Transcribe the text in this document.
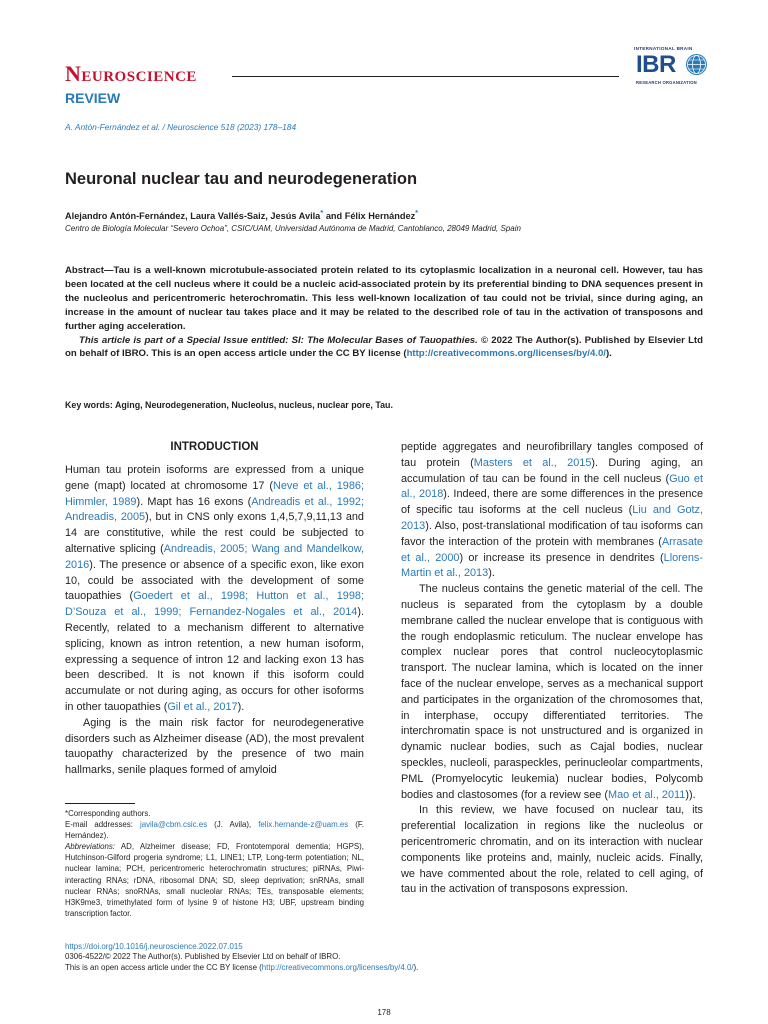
Neuroscience
INTERNATIONAL BRAIN
IBR
RESEARCH ORGANIZATION
REVIEW
A. Antón-Fernández et al. / Neuroscience 518 (2023) 178–184
Neuronal nuclear tau and neurodegeneration
Alejandro Antón-Fernández, Laura Vallés-Saiz, Jesús Avila* and Félix Hernández*
Centro de Biología Molecular “Severo Ochoa”, CSIC/UAM, Universidad Autónoma de Madrid, Cantoblanco, 28049 Madrid, Spain

Abstract—Tau is a well-known microtubule-associated protein related to its cytoplasmic localization in a neuronal cell. However, tau has been located at the cell nucleus where it could be a nucleic acid-associated protein by its preferential binding to DNA sequences present in the nucleolus and pericentromeric heterochromatin. This less well-known localization of tau could not be trivial, since during aging, an increase in the amount of nuclear tau takes place and it may be related to the described role of tau in the activation of transposons and further aging acceleration.

This article is part of a Special Issue entitled: SI: The Molecular Bases of Tauopathies. © 2022 The Author(s). Published by Elsevier Ltd on behalf of IBRO. This is an open access article under the CC BY license (http://creativecommons.org/licenses/by/4.0/).

Key words: Aging, Neurodegeneration, Nucleolus, nucleus, nuclear pore, Tau.
INTRODUCTION

Human tau protein isoforms are expressed from a unique gene (mapt) located at chromosome 17 (Neve et al., 1986; Himmler, 1989). Mapt has 16 exons (Andreadis et al., 1992; Andreadis, 2005), but in CNS only exons 1,4,5,7,9,11,13 and 14 are constitutive, while the rest could be subjected to alternative splicing (Andreadis, 2005; Wang and Mandelkow, 2016). The presence or absence of a specific exon, like exon 10, could be associated with the development of some tauopathies (Goedert et al., 1998; Hutton et al., 1998; D’Souza et al., 1999; Fernandez-Nogales et al., 2014). Recently, related to a mechanism different to alternative splicing, known as intron retention, a new human isoform, expressing a sequence of intron 12 and lacking exon 13 has been described. It is not known if this isoform could accumulate or not during aging, as occurs for other isoforms in other tauopathies (Gil et al., 2017).

Aging is the main risk factor for neurodegenerative disorders such as Alzheimer disease (AD), the most prevalent tauopathy characterized by the presence of two main hallmarks, senile plaques formed of amyloid

peptide aggregates and neurofibrillary tangles composed of tau protein (Masters et al., 2015). During aging, an accumulation of tau can be found in the cell nucleus (Guo et al., 2018). Indeed, there are some differences in the presence of specific tau isoforms at the cell nucleus (Liu and Gotz, 2013). Also, post-translational modification of tau isoforms can favor the interaction of the protein with membranes (Arrasate et al., 2000) or increase its presence in dendrites (Llorens-Martin et al., 2013).

The nucleus contains the genetic material of the cell. The nucleus is separated from the cytoplasm by a double membrane called the nuclear envelope that is contiguous with the rough endoplasmic reticulum. The nuclear envelope has complex nuclear pores that control nucleocytoplasmic transport. The nuclear lamina, which is located on the inner face of the nuclear envelope, serves as a mechanical support and participates in the organization of the chromosomes that, in interphase, occupy differentiated territories. The interchromatin space is not unstructured and is organized in dynamic nuclear bodies, such as Cajal bodies, nuclear speckles, nucleoli, paraspeckles, perinucleolar compartments, PML (Promyelocytic leukemia) nuclear bodies, Polycomb bodies and clastosomes (for a review see (Mao et al., 2011)).

In this review, we have focused on nuclear tau, its preferential localization in regions like the nucleolus or pericentromeric chromatin, and on its interaction with nuclear components like proteins and, mainly, nucleic acids. Finally, we have commented about the role, related to cell aging, of tau in the activation of transposons expression.

*Corresponding authors.

E-mail addresses: javila@cbm.csic.es (J. Avila), felix.hernande-z@uam.es (F. Hernández).

Abbreviations: AD, Alzheimer disease; FD, Frontotemporal dementia; HGPS), Hutchinson-Gilford progeria syndrome; L1, LINE1; LTP, Long-term potentiation; NL, nuclear lamina; PCH, pericentromeric heterochromatin structures; piRNAs, Piwi-interacting RNAs; rDNA, ribosomal DNA; SD, sleep deprivation; snRNAs, small nuclear RNAs; snoRNAs, small nucleolar RNAs; TEs, transposable elements; H3K9me3, trimethylated form of lysine 9 of histone H3; UBF, upstream binding transcription factor.

https://doi.org/10.1016/j.neuroscience.2022.07.015
0306-4522/© 2022 The Author(s). Published by Elsevier Ltd on behalf of IBRO.
This is an open access article under the CC BY license (http://creativecommons.org/licenses/by/4.0/).
178
